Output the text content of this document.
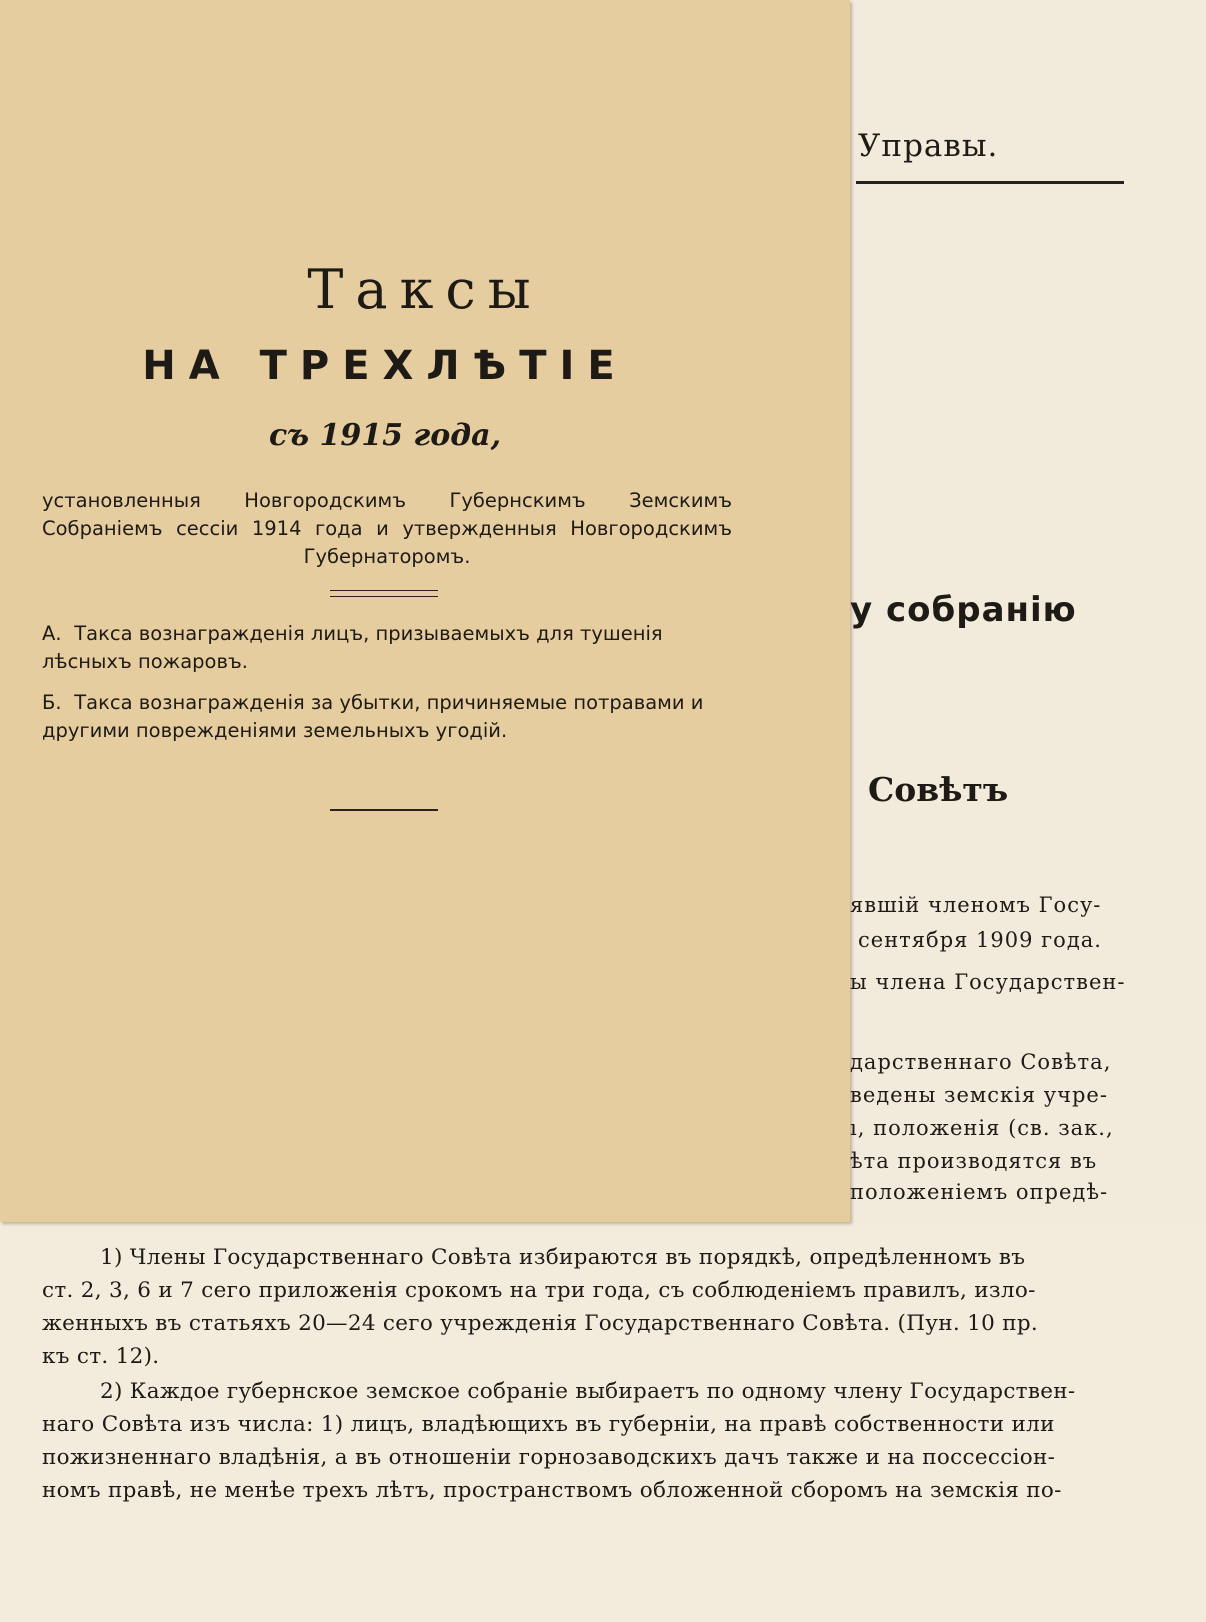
Управы.
у собранію
Совѣтъ
явшій членомъ Госу-
сентября 1909 года.
ы члена Государствен-
дарственнаго Совѣта,
ведены земскія учре-
ı, положенія (св. зак.,
ѣта производятся въ
положеніемъ опредѣ-
Таксы
НА ТРЕХЛѢТІЕ
съ 1915 года,
установленныя Новгородскимъ Губернскимъ Земскимъ Собраніемъ сессіи 1914 года и утвержденныя Новгородскимъ Губернаторомъ.
А. Такса вознагражденія лицъ, призываемыхъ для тушенія лѣсныхъ пожаровъ.
Б. Такса вознагражденія за убытки, причиняемые потравами и другими поврежденіями земельныхъ угодій.
1) Члены Государственнаго Совѣта избираются въ порядкѣ, опредѣленномъ въ
ст. 2, 3, 6 и 7 сего приложенія срокомъ на три года, съ соблюденіемъ правилъ, изло-
женныхъ въ статьяхъ 20—24 сего учрежденія Государственнаго Совѣта. (Пун. 10 пр.
къ ст. 12).
2) Каждое губернское земское собраніе выбираетъ по одному члену Государствен-
наго Совѣта изъ числа: 1) лицъ, владѣющихъ въ губерніи, на правѣ собственности или
пожизненнаго владѣнія, а въ отношеніи горнозаводскихъ дачъ также и на поссессіон-
номъ правѣ, не менѣе трехъ лѣтъ, пространствомъ обложенной сборомъ на земскія по-
